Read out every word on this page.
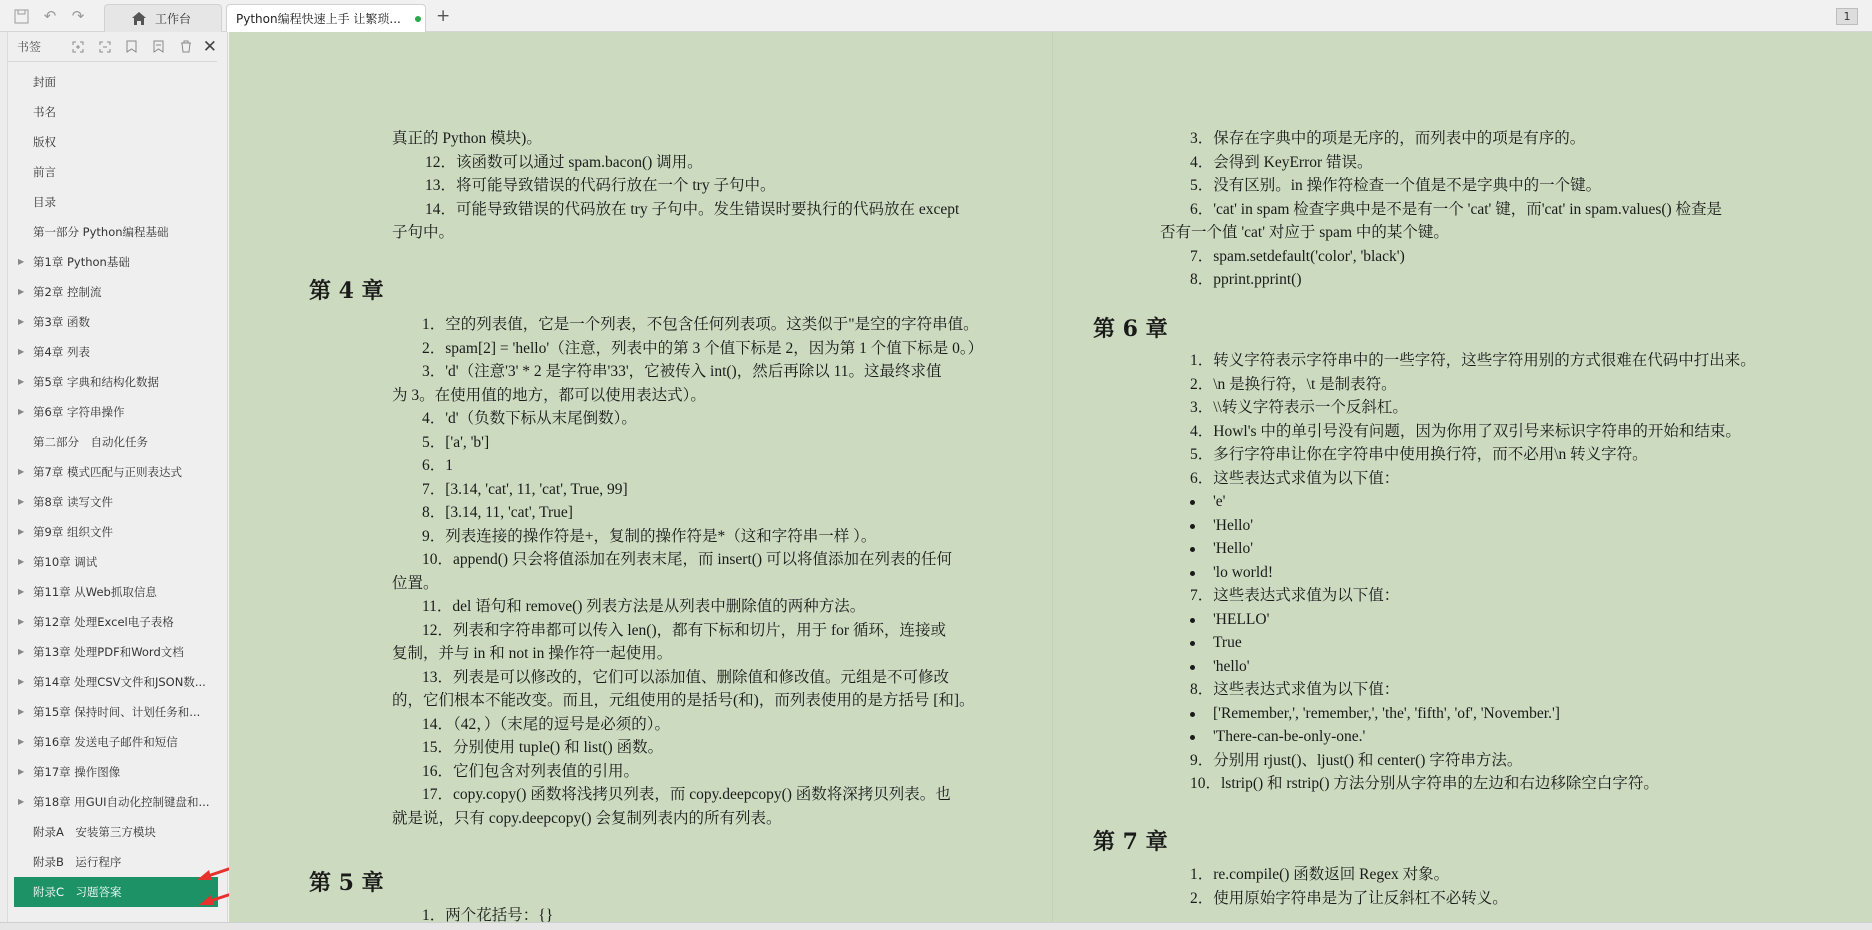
↶ ↷	工作台	Python编程快速上手 让繁琐... +	1
书签	✕
封面
书名
版权
前言
目录
第一部分 Python编程基础
▶ 第1章 Python基础
▶ 第2章 控制流
▶ 第3章 函数
▶ 第4章 列表
▶ 第5章 字典和结构化数据
▶ 第6章 字符串操作
第二部分　自动化任务
▶ 第7章 模式匹配与正则表达式
▶ 第8章 读写文件
▶ 第9章 组织文件
▶ 第10章 调试
▶ 第11章 从Web抓取信息
▶ 第12章 处理Excel电子表格
▶ 第13章 处理PDF和Word文档
▶ 第14章 处理CSV文件和JSON数...
▶ 第15章 保持时间、计划任务和...
▶ 第16章 发送电子邮件和短信
▶ 第17章 操作图像
▶ 第18章 用GUI自动化控制键盘和...
附录A　安装第三方模块
附录B　运行程序
附录C　习题答案
真正的 Python 模块)。
12．该函数可以通过 spam.bacon() 调用。
13．将可能导致错误的代码行放在一个 try 子句中。
14．可能导致错误的代码放在 try 子句中。发生错误时要执行的代码放在 except
子句中。
第 4 章
1．空的列表值，它是一个列表，不包含任何列表项。这类似于"是空的字符串值。
2．spam[2] = 'hello'（注意，列表中的第 3 个值下标是 2，因为第 1 个值下标是 0。）
3．'d'（注意'3' * 2 是字符串'33'，它被传入 int()，然后再除以 11。这最终求值
为 3。在使用值的地方，都可以使用表达式）。
4．'d'（负数下标从末尾倒数）。
5．['a', 'b']
6．1
7．[3.14, 'cat', 11, 'cat', True, 99]
8．[3.14, 11, 'cat', True]
9．列表连接的操作符是+，复制的操作符是*（这和字符串一样 ）。
10．append() 只会将值添加在列表末尾，而 insert() 可以将值添加在列表的任何
位置。
11．del 语句和 remove() 列表方法是从列表中删除值的两种方法。
12．列表和字符串都可以传入 len()，都有下标和切片，用于 for 循环，连接或
复制，并与 in 和 not in 操作符一起使用。
13．列表是可以修改的，它们可以添加值、删除值和修改值。元组是不可修改
的，它们根本不能改变。而且，元组使用的是括号(和)，而列表使用的是方括号 [和]。
14．（42，）（末尾的逗号是必须的）。
15．分别使用 tuple() 和 list() 函数。
16．它们包含对列表值的引用。
17．copy.copy() 函数将浅拷贝列表，而 copy.deepcopy() 函数将深拷贝列表。也
就是说，只有 copy.deepcopy() 会复制列表内的所有列表。
第 5 章
1．两个花括号：{}
3．保存在字典中的项是无序的，而列表中的项是有序的。
4．会得到 KeyError 错误。
5．没有区别。in 操作符检查一个值是不是字典中的一个键。
6．'cat' in spam 检查字典中是不是有一个 'cat' 键，而'cat' in spam.values() 检查是
否有一个值 'cat' 对应于 spam 中的某个键。
7．spam.setdefault('color', 'black')
8．pprint.pprint()
第 6 章
1．转义字符表示字符串中的一些字符，这些字符用别的方式很难在代码中打出来。
2．\n 是换行符，\t 是制表符。
3．\\转义字符表示一个反斜杠。
4．Howl's 中的单引号没有问题，因为你用了双引号来标识字符串的开始和结束。
5．多行字符串让你在字符串中使用换行符，而不必用\n 转义字符。
6．这些表达式求值为以下值：
'e'
'Hello'
'Hello'
'lo world!
7．这些表达式求值为以下值：
'HELLO'
True
'hello'
8．这些表达式求值为以下值：
['Remember,', 'remember,', 'the', 'fifth', 'of', 'November.']
'There-can-be-only-one.'
9．分别用 rjust()、ljust() 和 center() 字符串方法。
10．lstrip() 和 rstrip() 方法分别从字符串的左边和右边移除空白字符。
第 7 章
1．re.compile() 函数返回 Regex 对象。
2．使用原始字符串是为了让反斜杠不必转义。
